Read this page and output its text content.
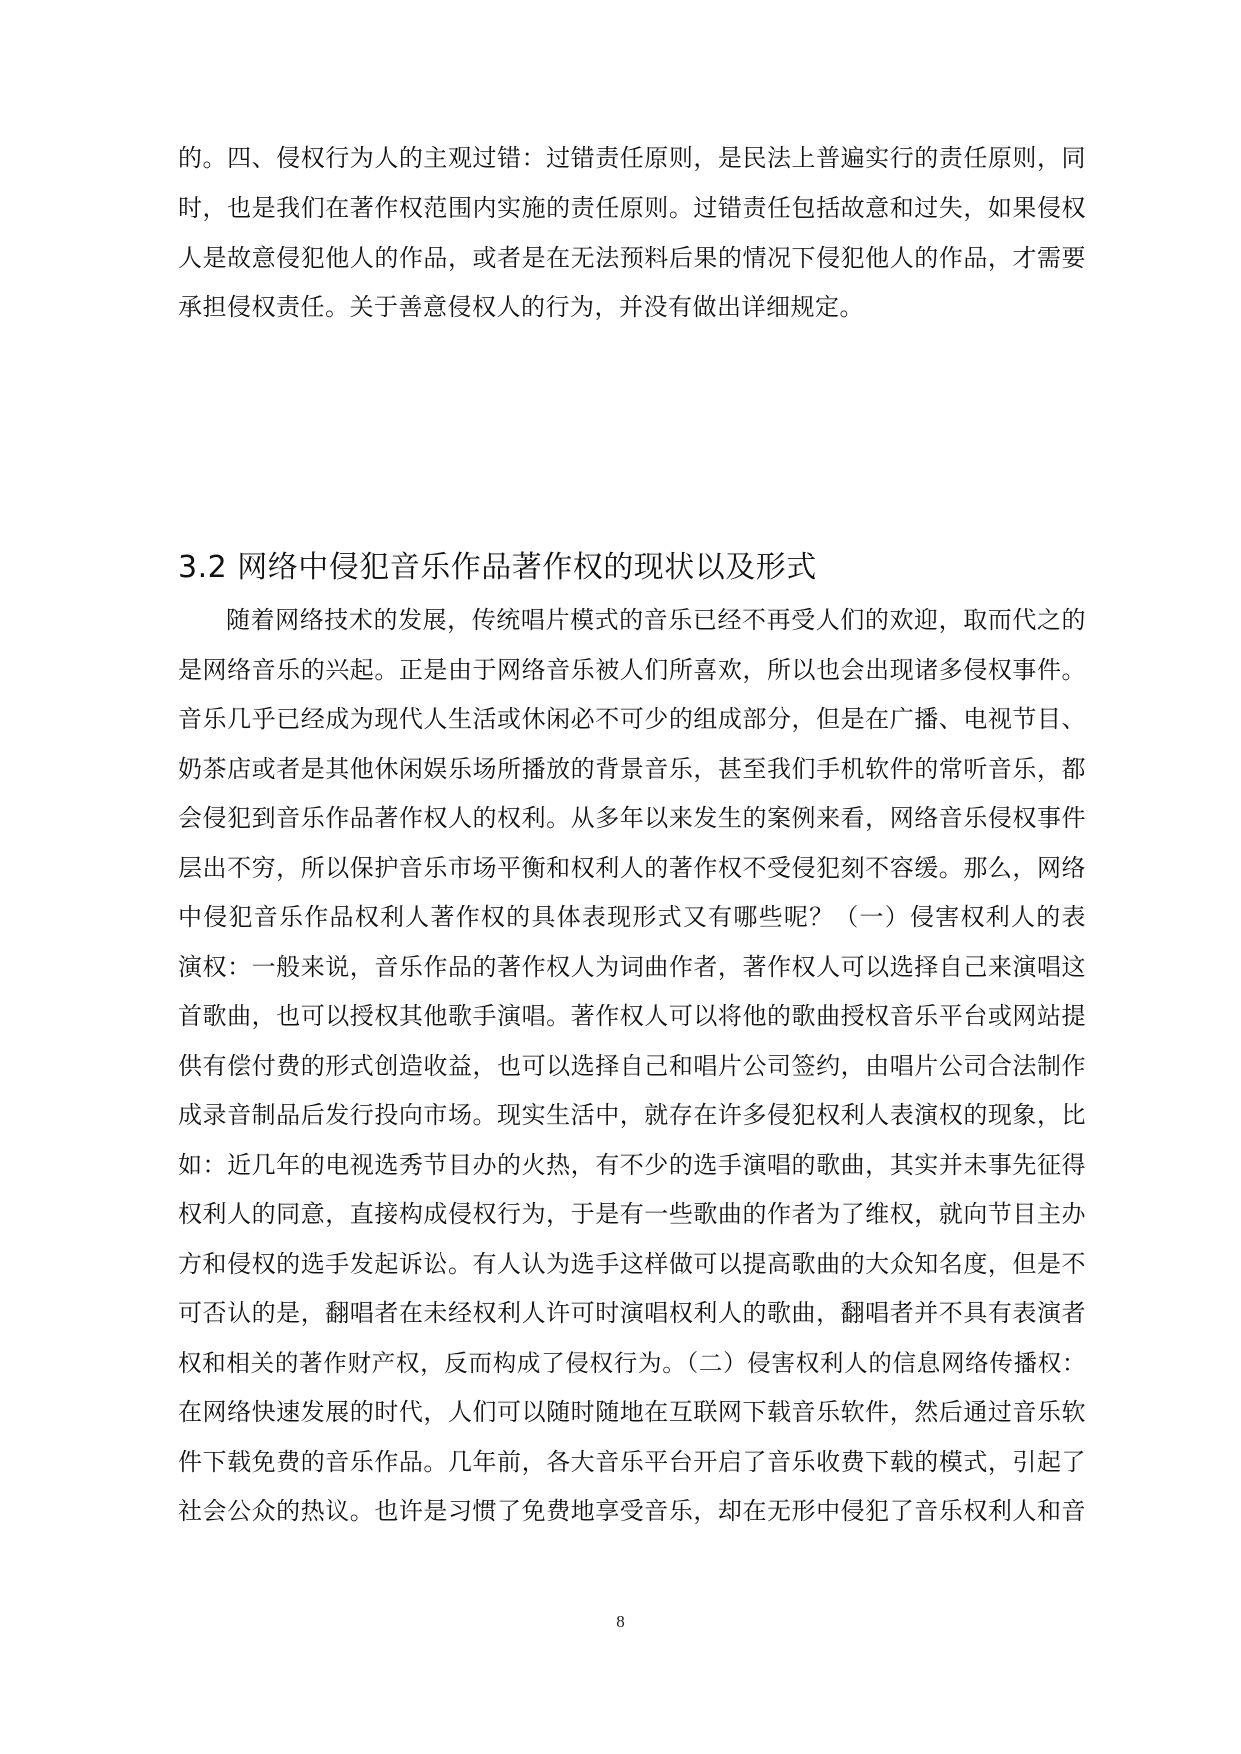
的。四、侵权行为人的主观过错：过错责任原则，是民法上普遍实行的责任原则，同
时，也是我们在著作权范围内实施的责任原则。过错责任包括故意和过失，如果侵权
人是故意侵犯他人的作品，或者是在无法预料后果的情况下侵犯他人的作品，才需要
承担侵权责任。关于善意侵权人的行为，并没有做出详细规定。
3.2 网络中侵犯音乐作品著作权的现状以及形式
随着网络技术的发展，传统唱片模式的音乐已经不再受人们的欢迎，取而代之的
是网络音乐的兴起。正是由于网络音乐被人们所喜欢，所以也会出现诸多侵权事件。
音乐几乎已经成为现代人生活或休闲必不可少的组成部分，但是在广播、电视节目、
奶茶店或者是其他休闲娱乐场所播放的背景音乐，甚至我们手机软件的常听音乐，都
会侵犯到音乐作品著作权人的权利。从多年以来发生的案例来看，网络音乐侵权事件
层出不穷，所以保护音乐市场平衡和权利人的著作权不受侵犯刻不容缓。那么，网络
中侵犯音乐作品权利人著作权的具体表现形式又有哪些呢？（一）侵害权利人的表
演权：一般来说，音乐作品的著作权人为词曲作者，著作权人可以选择自己来演唱这
首歌曲，也可以授权其他歌手演唱。著作权人可以将他的歌曲授权音乐平台或网站提
供有偿付费的形式创造收益，也可以选择自己和唱片公司签约，由唱片公司合法制作
成录音制品后发行投向市场。现实生活中，就存在许多侵犯权利人表演权的现象，比
如：近几年的电视选秀节目办的火热，有不少的选手演唱的歌曲，其实并未事先征得
权利人的同意，直接构成侵权行为，于是有一些歌曲的作者为了维权，就向节目主办
方和侵权的选手发起诉讼。有人认为选手这样做可以提高歌曲的大众知名度，但是不
可否认的是，翻唱者在未经权利人许可时演唱权利人的歌曲，翻唱者并不具有表演者
权和相关的著作财产权，反而构成了侵权行为。（二）侵害权利人的信息网络传播权：
在网络快速发展的时代，人们可以随时随地在互联网下载音乐软件，然后通过音乐软
件下载免费的音乐作品。几年前，各大音乐平台开启了音乐收费下载的模式，引起了
社会公众的热议。也许是习惯了免费地享受音乐，却在无形中侵犯了音乐权利人和音
8
